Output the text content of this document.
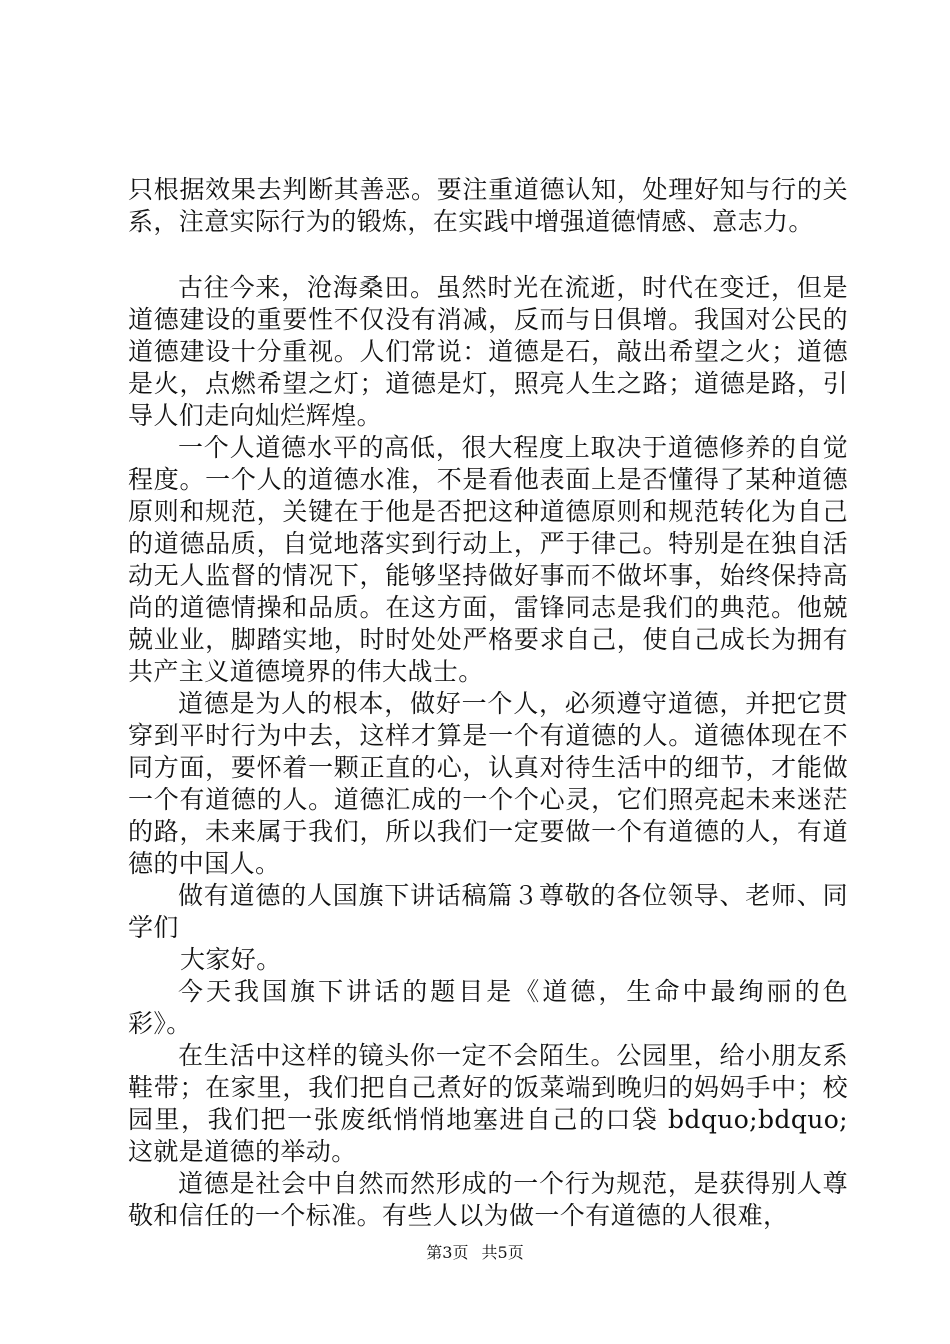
只根据效果去判断其善恶。要注重道德认知，处理好知与行的关系，注意实际行为的锻炼，在实践中增强道德情感、意志力。

古往今来，沧海桑田。虽然时光在流逝，时代在变迁，但是道德建设的重要性不仅没有消减，反而与日俱增。我国对公民的道德建设十分重视。人们常说：道德是石，敲出希望之火；道德是火，点燃希望之灯；道德是灯，照亮人生之路；道德是路，引导人们走向灿烂辉煌。

一个人道德水平的高低，很大程度上取决于道德修养的自觉程度。一个人的道德水准，不是看他表面上是否懂得了某种道德原则和规范，关键在于他是否把这种道德原则和规范转化为自己的道德品质，自觉地落实到行动上，严于律己。特别是在独自活动无人监督的情况下，能够坚持做好事而不做坏事，始终保持高尚的道德情操和品质。在这方面，雷锋同志是我们的典范。他兢兢业业，脚踏实地，时时处处严格要求自己，使自己成长为拥有共产主义道德境界的伟大战士。

道德是为人的根本，做好一个人，必须遵守道德，并把它贯穿到平时行为中去，这样才算是一个有道德的人。道德体现在不同方面，要怀着一颗正直的心，认真对待生活中的细节，才能做一个有道德的人。道德汇成的一个个心灵，它们照亮起未来迷茫的路，未来属于我们，所以我们一定要做一个有道德的人，有道德的中国人。

做有道德的人国旗下讲话稿篇３尊敬的各位领导、老师、同学们

大家好。

今天我国旗下讲话的题目是《道德，生命中最绚丽的色彩》。

在生活中这样的镜头你一定不会陌生。公园里，给小朋友系鞋带；在家里，我们把自己煮好的饭菜端到晚归的妈妈手中；校园里，我们把一张废纸悄悄地塞进自己的口袋 bdquo;bdquo;这就是道德的举动。

道德是社会中自然而然形成的一个行为规范，是获得别人尊敬和信任的一个标准。有些人以为做一个有道德的人很难，

第3页 共5页
